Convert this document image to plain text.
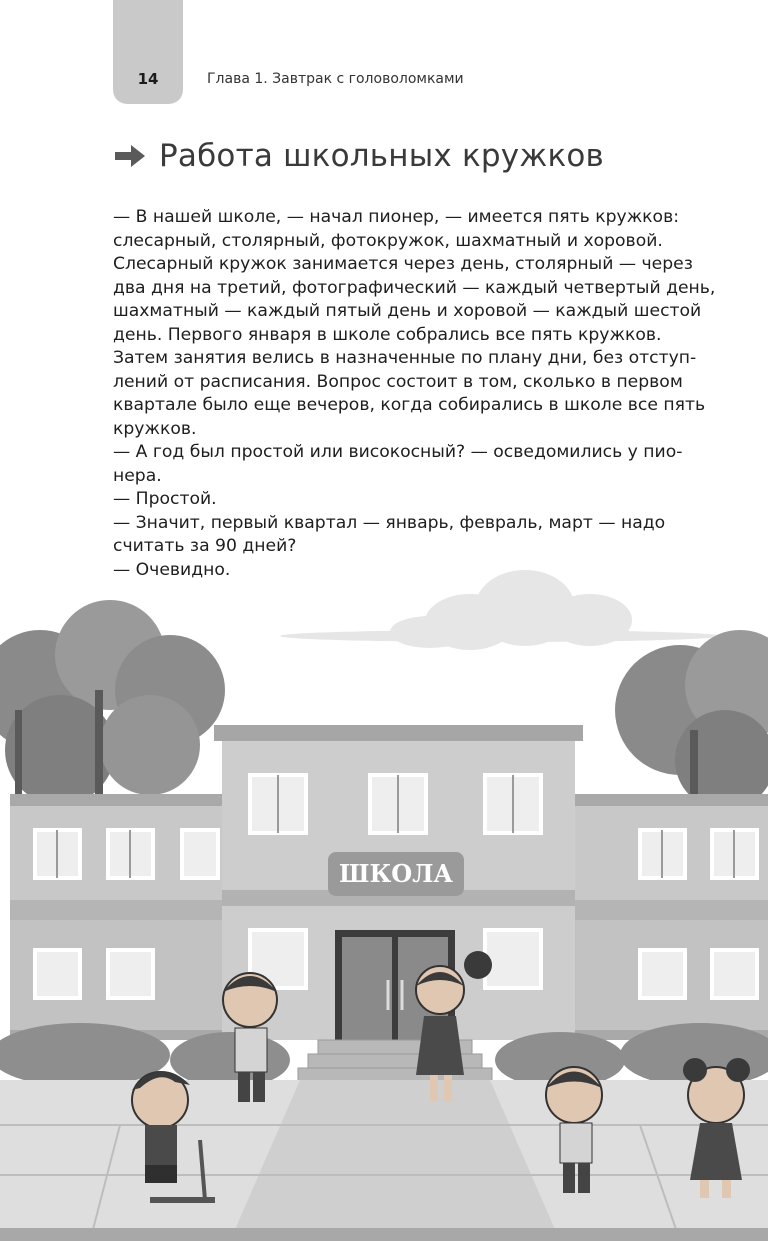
14	Глава 1. Завтрак с головоломками
Работа школьных кружков

— В нашей школе, — начал пионер, — имеется пять кружков:

слесарный, столярный, фотокружок, шахматный и хоровой.

Слесарный кружок занимается через день, столярный — через

два дня на третий, фотографический — каждый четвертый день,

шахматный — каждый пятый день и хоровой — каждый шестой

день. Первого января в школе собрались все пять кружков.

Затем занятия велись в назначенные по плану дни, без отступ-

лений от расписания. Вопрос состоит в том, сколько в первом

квартале было еще вечеров, когда собирались в школе все пять

кружков.

— А год был простой или високосный? — осведомились у пио-

нера.

— Простой.

— Значит, первый квартал — январь, февраль, март — надо

считать за 90 дней?

— Очевидно.

ШКОЛА
